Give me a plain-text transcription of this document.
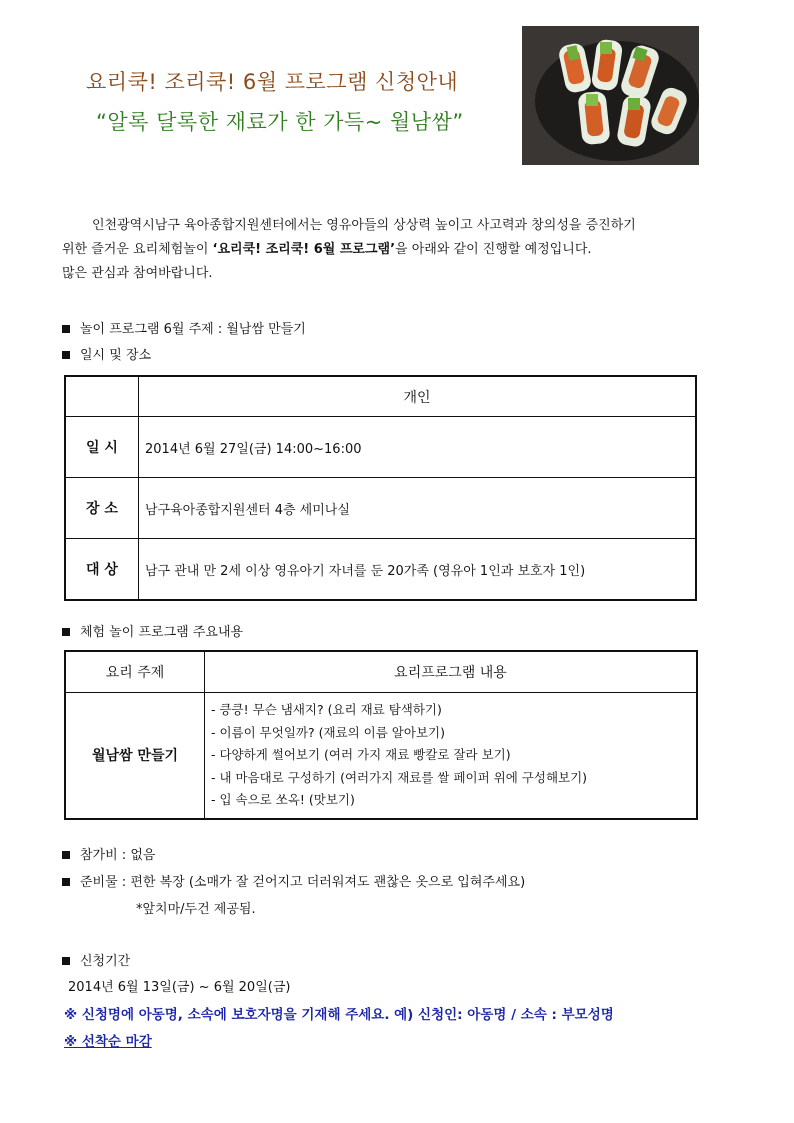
요리쿡! 조리쿡! 6월 프로그램 신청안내
“알록 달록한 재료가 한 가득~ 월남쌈”

인천광역시남구 육아종합지원센터에서는 영유아들의 상상력 높이고 사고력과 창의성을 증진하기

위한 즐거운 요리체험놀이 ‘요리쿡! 조리쿡! 6월 프로그램’을 아래와 같이 진행할 예정입니다.

많은 관심과 참여바랍니다.

놀이 프로그램 6월 주제 : 월남쌈 만들기
일시 및 장소
	개인
일 시	2014년 6월 27일(금) 14:00~16:00
장 소	남구육아종합지원센터 4층 세미나실
대 상	남구 관내 만 2세 이상 영유아기 자녀를 둔 20가족 (영유아 1인과 보호자 1인)
체험 놀이 프로그램 주요내용
요리 주제	요리프로그램 내용
월남쌈 만들기	- 킁킁! 무슨 냄새지? (요리 재료 탐색하기)
- 이름이 무엇일까? (재료의 이름 알아보기)
- 다양하게 썰어보기 (여러 가지 재료 빵칼로 잘라 보기)
- 내 마음대로 구성하기 (여러가지 재료를 쌀 페이퍼 위에 구성해보기)
- 입 속으로 쏘옥! (맛보기)
참가비 : 없음
준비물 : 편한 복장 (소매가 잘 걷어지고 더러워져도 괜찮은 옷으로 입혀주세요)
*앞치마/두건 제공됨.
신청기간
2014년 6월 13일(금) ~ 6월 20일(금)
※ 신청명에 아동명, 소속에 보호자명을 기재해 주세요. 예) 신청인: 아동명 / 소속 : 부모성명
※ 선착순 마감
